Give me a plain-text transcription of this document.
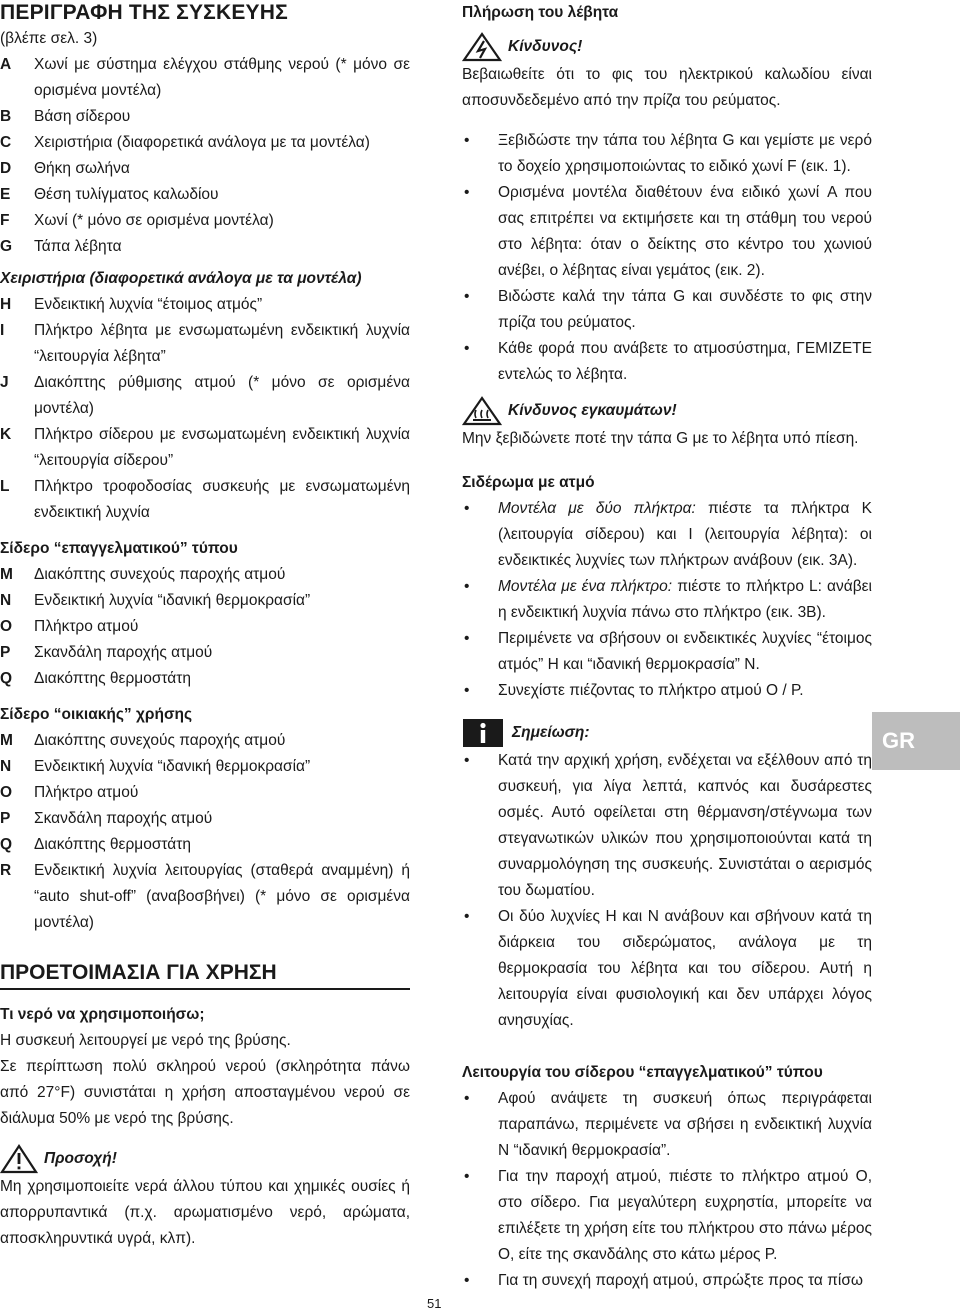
ΠΕΡΙΓΡΑΦΗ ΤΗΣ ΣΥΣΚΕΥΗΣ
(βλέπε σελ. 3)
A	Χωνί με σύστημα ελέγχου στάθμης νερού (* μόνο σε ορισμένα μοντέλα)
B	Βάση σίδερου
C	Χειριστήρια (διαφορετικά ανάλογα με τα μοντέλα)
D	Θήκη σωλήνα
E	Θέση τυλίγματος καλωδίου
F	Χωνί (* μόνο σε ορισμένα μοντέλα)
G	Τάπα λέβητα
Χειριστήρια (διαφορετικά ανάλογα με τα μοντέλα)
H	Ενδεικτική λυχνία “έτοιμος ατμός”
I	Πλήκτρο λέβητα με ενσωματωμένη ενδεικτική λυχνία “λειτουργία λέβητα”
J	Διακόπτης ρύθμισης ατμού (* μόνο σε ορισμένα μοντέλα)
K	Πλήκτρο σίδερου με ενσωματωμένη ενδεικτική λυχνία “λειτουργία σίδερου”
L	Πλήκτρο τροφοδοσίας συσκευής με ενσωματωμένη ενδεικτική λυχνία
Σίδερο “επαγγελματικού” τύπου
M	Διακόπτης συνεχούς παροχής ατμού
N	Ενδεικτική λυχνία “ιδανική θερμοκρασία”
O	Πλήκτρο ατμού
P	Σκανδάλη παροχής ατμού
Q	Διακόπτης θερμοστάτη
Σίδερο “οικιακής” χρήσης
M	Διακόπτης συνεχούς παροχής ατμού
N	Ενδεικτική λυχνία “ιδανική θερμοκρασία”
O	Πλήκτρο ατμού
P	Σκανδάλη παροχής ατμού
Q	Διακόπτης θερμοστάτη
R	Ενδεικτική λυχνία λειτουργίας (σταθερά αναμμένη) ή “auto shut-off” (αναβοσβήνει) (* μόνο σε ορισμένα μοντέλα)
ΠΡΟΕΤΟΙΜΑΣΙΑ ΓΙΑ ΧΡΗΣΗ
Τι νερό να χρησιμοποιήσω;

Η συσκευή λειτουργεί με νερό της βρύσης.

Σε περίπτωση πολύ σκληρού νερού (σκληρότητα πάνω από 27°F) συνιστάται η χρήση αποσταγμένου νερού σε διάλυμα 50% με νερό της βρύσης.

Προσοχή!

Μη χρησιμοποιείτε νερά άλλου τύπου και χημικές ουσίες ή απορρυπαντικά (π.χ. αρωματισμένο νερό, αρώματα, αποσκληρυντικά υγρά, κλπ).

Πλήρωση του λέβητα
Κίνδυνος!

Βεβαιωθείτε ότι το φις του ηλεκτρικού καλωδίου είναι αποσυνδεδεμένο από την πρίζα του ρεύματος.

• Ξεβιδώστε την τάπα του λέβητα G και γεμίστε με νερό το δοχείο χρησιμοποιώντας το ειδικό χωνί F (εικ. 1).
• Ορισμένα μοντέλα διαθέτουν ένα ειδικό χωνί A που σας επιτρέπει να εκτιμήσετε και τη στάθμη του νερού στο λέβητα: όταν ο δείκτης στο κέντρο του χωνιού ανέβει, ο λέβητας είναι γεμάτος (εικ. 2).
• Βιδώστε καλά την τάπα G και συνδέστε το φις στην πρίζα του ρεύματος.
• Κάθε φορά που ανάβετε το ατμοσύστημα, ΓΕΜΙΖΕΤΕ εντελώς το λέβητα.
Κίνδυνος εγκαυμάτων!

Μην ξεβιδώνετε ποτέ την τάπα G με το λέβητα υπό πίεση.

Σιδέρωμα με ατμό
• Μοντέλα με δύο πλήκτρα: πιέστε τα πλήκτρα K (λειτουργία σίδερου) και I (λειτουργία λέβητα): οι ενδεικτικές λυχνίες των πλήκτρων ανάβουν (εικ. 3A).
• Μοντέλα με ένα πλήκτρο: πιέστε το πλήκτρο L: ανάβει η ενδεικτική λυχνία πάνω στο πλήκτρο (εικ. 3B).
• Περιμένετε να σβήσουν οι ενδεικτικές λυχνίες “έτοιμος ατμός” H και “ιδανική θερμοκρασία” N.
• Συνεχίστε πιέζοντας το πλήκτρο ατμού O / P.
Σημείωση:
• Κατά την αρχική χρήση, ενδέχεται να εξέλθουν από τη συσκευή, για λίγα λεπτά, καπνός και δυσάρεστες οσμές. Αυτό οφείλεται στη θέρμανση/στέγνωμα των στεγανωτικών υλικών που χρησιμοποιούνται κατά τη συναρμολόγηση της συσκευής. Συνιστάται ο αερισμός του δωματίου.
• Οι δύο λυχνίες H και N ανάβουν και σβήνουν κατά τη διάρκεια του σιδερώματος, ανάλογα με τη θερμοκρασία του λέβητα και του σίδερου. Αυτή η λειτουργία είναι φυσιολογική και δεν υπάρχει λόγος ανησυχίας.
Λειτουργία του σίδερου “επαγγελματικού” τύπου
• Αφού ανάψετε τη συσκευή όπως περιγράφεται παραπάνω, περιμένετε να σβήσει η ενδεικτική λυχνία N “ιδανική θερμοκρασία”.
• Για την παροχή ατμού, πιέστε το πλήκτρο ατμού O, στο σίδερο. Για μεγαλύτερη ευχρηστία, μπορείτε να επιλέξετε τη χρήση είτε του πλήκτρου στο πάνω μέρος O, είτε της σκανδάλης στο κάτω μέρος P.
• Για τη συνεχή παροχή ατμού, σπρώξτε προς τα πίσω
GR
51
